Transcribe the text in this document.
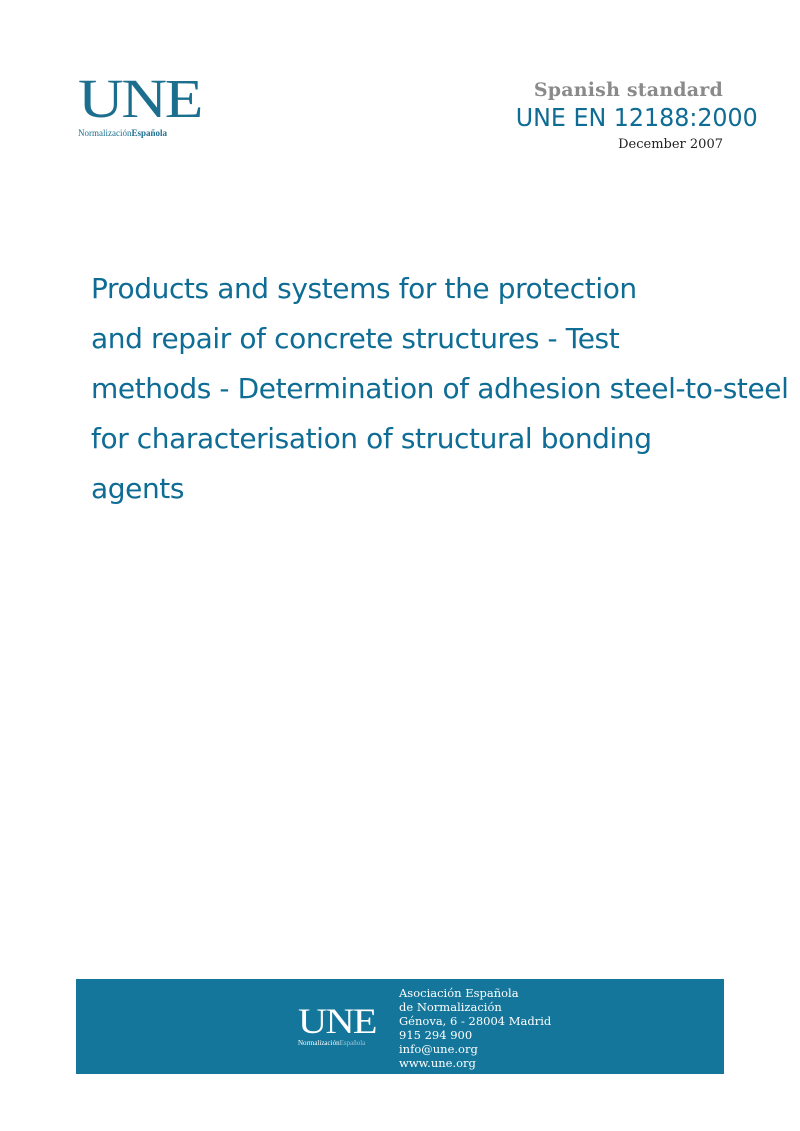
UNE
NormalizaciónEspañola
Spanish standard
UNE EN 12188:2000
December 2007
Products and systems for the protection
and repair of concrete structures - Test
methods - Determination of adhesion steel-to-steel
for characterisation of structural bonding
agents
UNE
NormalizaciónEspañola
Asociación Española
de Normalización
Génova, 6 - 28004 Madrid
915 294 900
info@une.org
www.une.org
